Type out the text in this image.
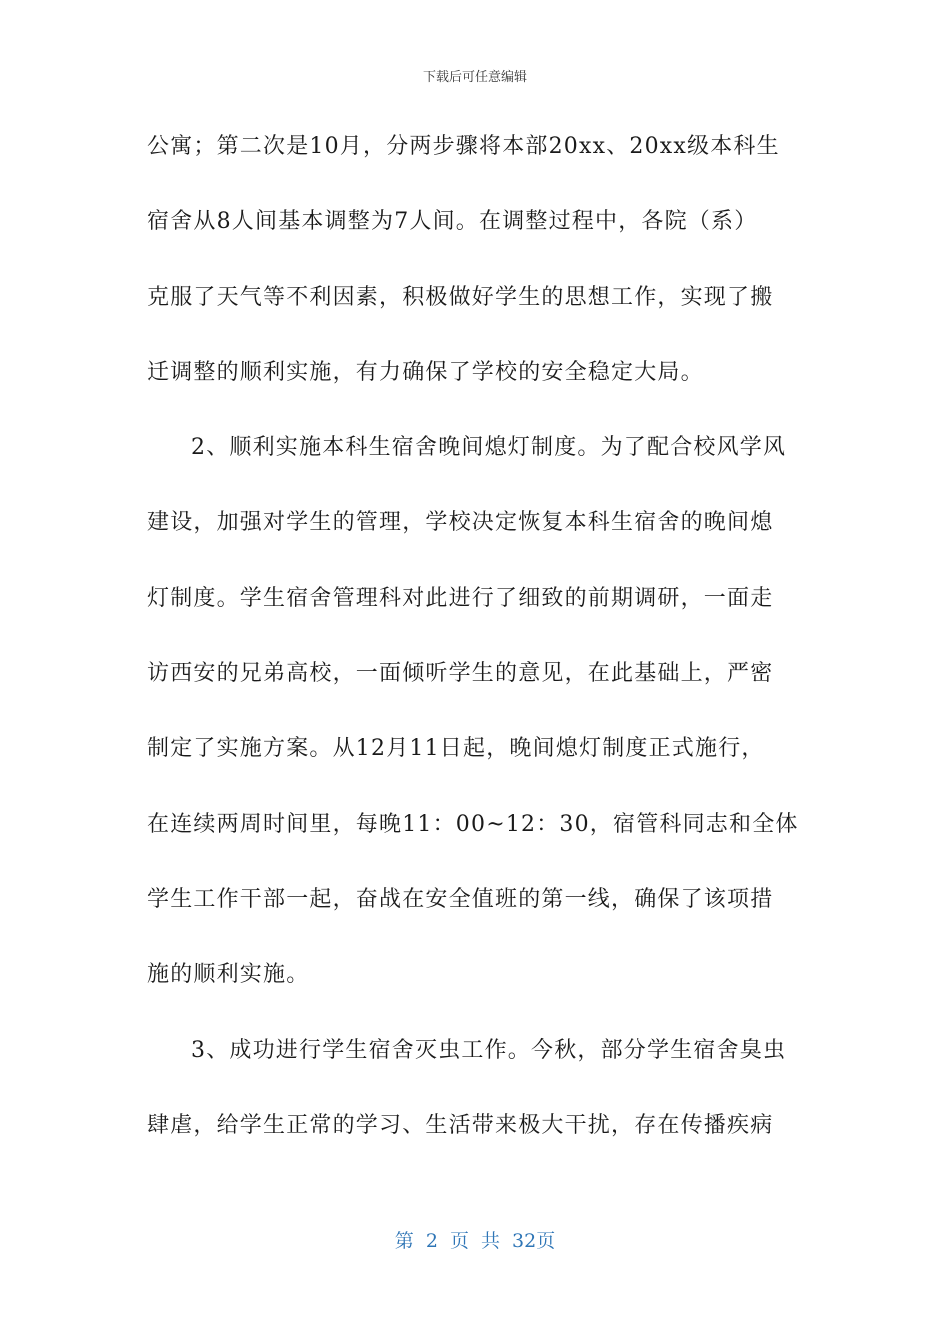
下载后可任意编辑
公寓；第二次是10月，分两步骤将本部20xx、20xx级本科生
宿舍从8人间基本调整为7人间。在调整过程中，各院（系）
克服了天气等不利因素，积极做好学生的思想工作，实现了搬
迁调整的顺利实施，有力确保了学校的安全稳定大局。
2、顺利实施本科生宿舍晚间熄灯制度。为了配合校风学风
建设，加强对学生的管理，学校决定恢复本科生宿舍的晚间熄
灯制度。学生宿舍管理科对此进行了细致的前期调研，一面走
访西安的兄弟高校，一面倾听学生的意见，在此基础上，严密
制定了实施方案。从12月11日起，晚间熄灯制度正式施行，
在连续两周时间里，每晚11：00~12：30，宿管科同志和全体
学生工作干部一起，奋战在安全值班的第一线，确保了该项措
施的顺利实施。
3、成功进行学生宿舍灭虫工作。今秋，部分学生宿舍臭虫
肆虐，给学生正常的学习、生活带来极大干扰，存在传播疾病
第 2 页 共 32页
